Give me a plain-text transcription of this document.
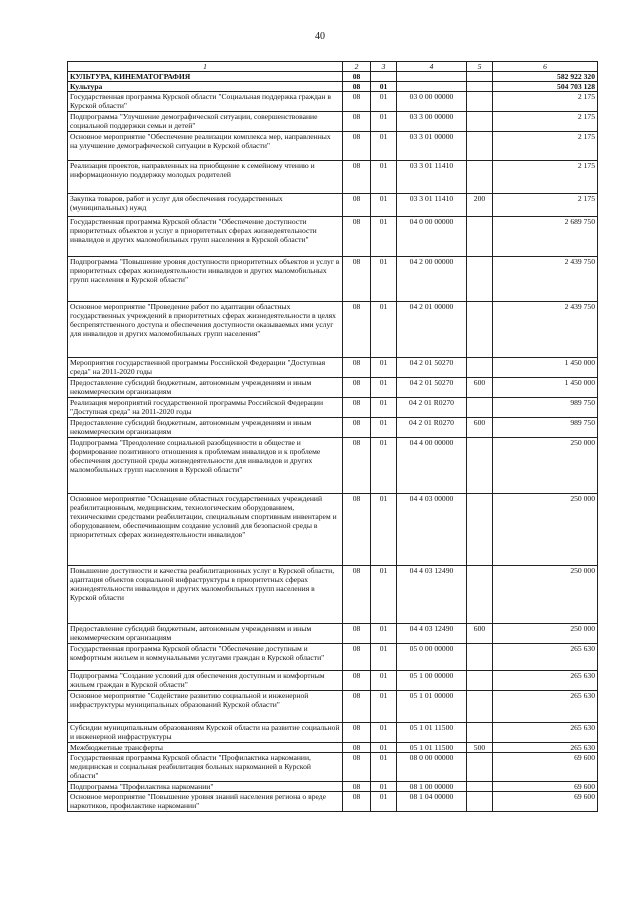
40
1	2	3	4	5	6
КУЛЬТУРА, КИНЕМАТОГРАФИЯ	08				582 922 320
Культура	08	01			504 703 128
Государственная программа Курской области "Социальная поддержка граждан в Курской области"	08	01	03 0 00 00000		2 175
Подпрограмма "Улучшение демографической ситуации, совершенствование социальной поддержки семьи и детей"	08	01	03 3 00 00000		2 175
Основное мероприятие "Обеспечение реализации комплекса мер, направленных на улучшение демографической ситуации в Курской области"	08	01	03 3 01 00000		2 175
Реализация проектов, направленных на приобщение к семейному чтению и информационную поддержку молодых родителей	08	01	03 3 01 11410		2 175
Закупка товаров, работ и услуг для обеспечения государственных (муниципальных) нужд	08	01	03 3 01 11410	200	2 175
Государственная программа Курской области "Обеспечение доступности приоритетных объектов и услуг в приоритетных сферах жизнедеятельности инвалидов и других маломобильных групп населения в Курской области"	08	01	04 0 00 00000		2 689 750
Подпрограмма "Повышение уровня доступности приоритетных объектов и услуг в приоритетных сферах жизнедеятельности инвалидов и других маломобильных групп населения в Курской области"	08	01	04 2 00 00000		2 439 750
Основное мероприятие "Проведение работ по адаптации областных государственных учреждений в приоритетных сферах жизнедеятельности в целях беспрепятственного доступа и обеспечения доступности оказываемых ими услуг для инвалидов и других маломобильных групп населения"	08	01	04 2 01 00000		2 439 750
Мероприятия государственной программы Российской Федерации "Доступная среда" на 2011-2020 годы	08	01	04 2 01 50270		1 450 000
Предоставление субсидий бюджетным, автономным учреждениям и иным некоммерческим организациям	08	01	04 2 01 50270	600	1 450 000
Реализация мероприятий государственной программы Российской Федерации "Доступная среда" на 2011-2020 годы	08	01	04 2 01 R0270		989 750
Предоставление субсидий бюджетным, автономным учреждениям и иным некоммерческим организациям	08	01	04 2 01 R0270	600	989 750
Подпрограмма "Преодоление социальной разобщенности в обществе и формирование позитивного отношения к проблемам инвалидов и к проблеме обеспечения доступной среды жизнедеятельности для инвалидов и других маломобильных групп населения в Курской области"	08	01	04 4 00 00000		250 000
Основное мероприятие "Оснащение областных государственных учреждений реабилитационным, медицинским, технологическим оборудованием, техническими средствами реабилитации, специальным спортивным инвентарем и оборудованием, обеспечивающим создание условий для безопасной среды в приоритетных сферах жизнедеятельности инвалидов"	08	01	04 4 03 00000		250 000
Повышение доступности и качества реабилитационных услуг в Курской области, адаптация объектов социальной инфраструктуры в приоритетных сферах жизнедеятельности инвалидов и других маломобильных групп населения в Курской области	08	01	04 4 03 12490		250 000
Предоставление субсидий бюджетным, автономным учреждениям и иным некоммерческим организациям	08	01	04 4 03 12490	600	250 000
Государственная программа Курской области "Обеспечение доступным и комфортным жильем и коммунальными услугами граждан в Курской области"	08	01	05 0 00 00000		265 630
Подпрограмма "Создание условий для обеспечения доступным и комфортным жильем граждан в Курской области"	08	01	05 1 00 00000		265 630
Основное мероприятие "Содействие развитию социальной и инженерной инфраструктуры муниципальных образований Курской области"	08	01	05 1 01 00000		265 630
Субсидии муниципальным образованиям Курской области на развитие социальной и инженерной инфраструктуры	08	01	05 1 01 11500		265 630
Межбюджетные трансферты	08	01	05 1 01 11500	500	265 630
Государственная программа Курской области "Профилактика наркомании, медицинская и социальная реабилитация больных наркоманией в Курской области"	08	01	08 0 00 00000		69 600
Подпрограмма "Профилактика наркомании"	08	01	08 1 00 00000		69 600
Основное мероприятие "Повышение уровня знаний населения региона о вреде наркотиков, профилактике наркомании"	08	01	08 1 04 00000		69 600
